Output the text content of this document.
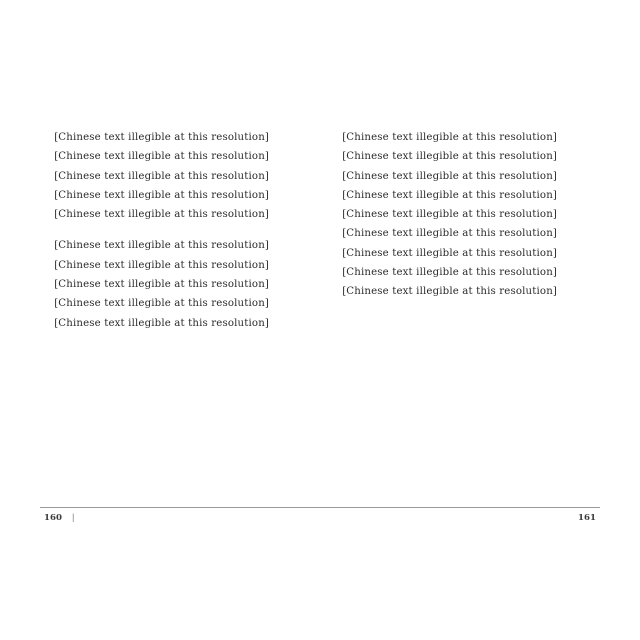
[Chinese text illegible at this resolution]

[Chinese text illegible at this resolution]

[Chinese text illegible at this resolution]

[Chinese text illegible at this resolution]

[Chinese text illegible at this resolution]

[Chinese text illegible at this resolution]

[Chinese text illegible at this resolution]

[Chinese text illegible at this resolution]

[Chinese text illegible at this resolution]

[Chinese text illegible at this resolution]

[Chinese text illegible at this resolution]

[Chinese text illegible at this resolution]

[Chinese text illegible at this resolution]

[Chinese text illegible at this resolution]

[Chinese text illegible at this resolution]

[Chinese text illegible at this resolution]

[Chinese text illegible at this resolution]

[Chinese text illegible at this resolution]

[Chinese text illegible at this resolution]

160 |	161
